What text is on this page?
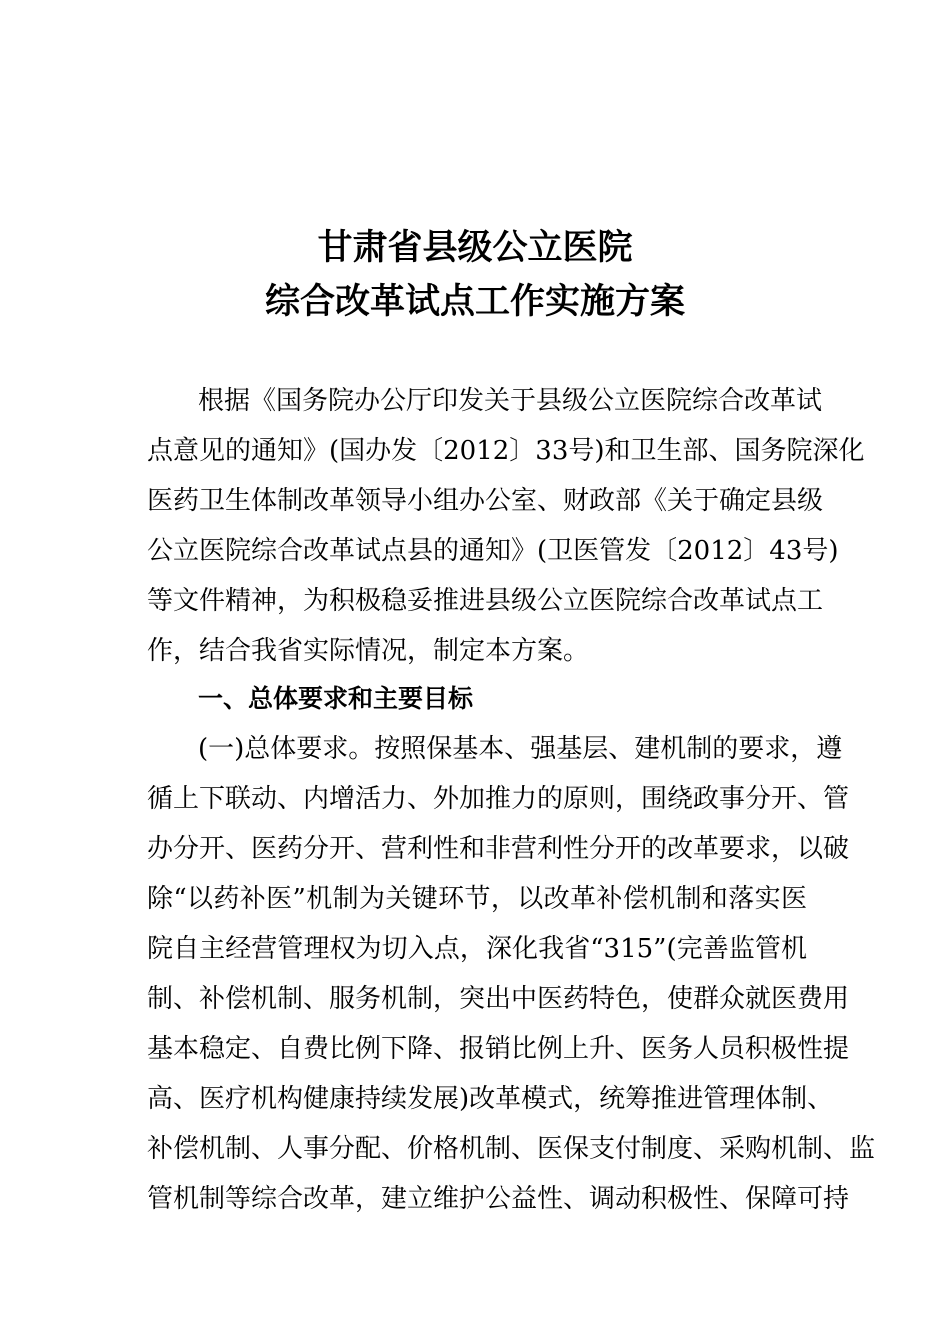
甘肃省县级公立医院
综合改革试点工作实施方案
根据《国务院办公厅印发关于县级公立医院综合改革试
点意见的通知》(国办发〔2012〕33号)和卫生部、国务院深化
医药卫生体制改革领导小组办公室、财政部《关于确定县级
公立医院综合改革试点县的通知》(卫医管发〔2012〕43号)
等文件精神，为积极稳妥推进县级公立医院综合改革试点工
作，结合我省实际情况，制定本方案。
一、总体要求和主要目标
(一)总体要求。按照保基本、强基层、建机制的要求，遵
循上下联动、内增活力、外加推力的原则，围绕政事分开、管
办分开、医药分开、营利性和非营利性分开的改革要求，以破
除“以药补医”机制为关键环节，以改革补偿机制和落实医
院自主经营管理权为切入点，深化我省“315”(完善监管机
制、补偿机制、服务机制，突出中医药特色，使群众就医费用
基本稳定、自费比例下降、报销比例上升、医务人员积极性提
高、医疗机构健康持续发展)改革模式，统筹推进管理体制、
补偿机制、人事分配、价格机制、医保支付制度、采购机制、监
管机制等综合改革，建立维护公益性、调动积极性、保障可持
